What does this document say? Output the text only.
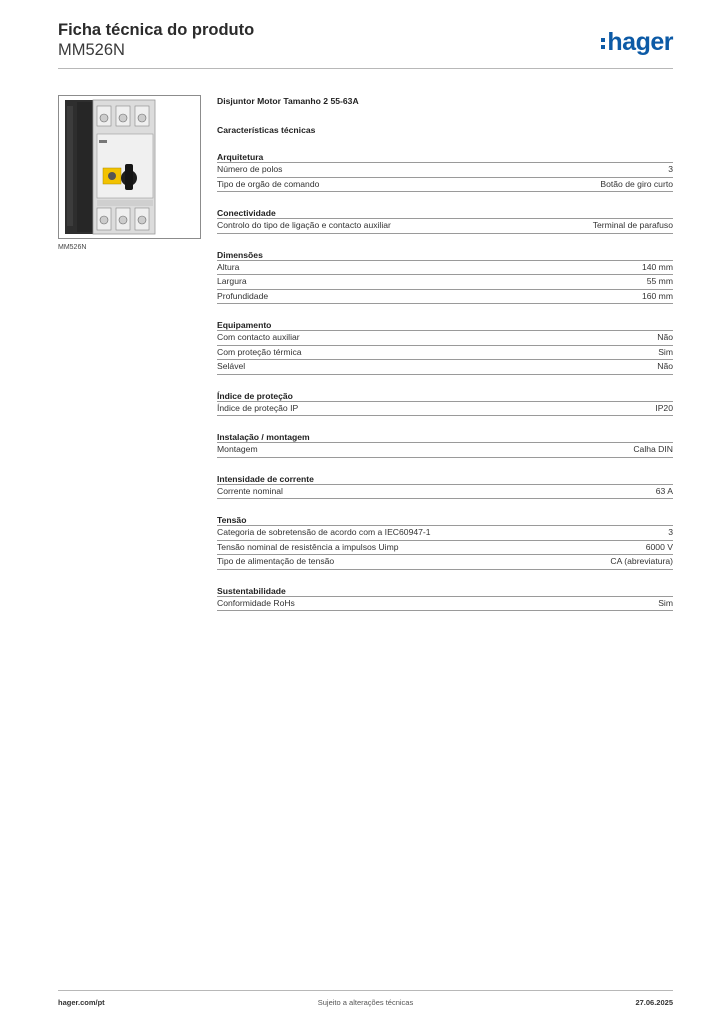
Ficha técnica do produto
MM526N	hager
MM526N
Disjuntor Motor Tamanho 2 55-63A
Características técnicas
Arquitetura
Número de polos	3
Tipo de orgão de comando	Botão de giro curto
Conectividade
Controlo do tipo de ligação e contacto auxiliar	Terminal de parafuso
Dimensões
Altura	140 mm
Largura	55 mm
Profundidade	160 mm
Equipamento
Com contacto auxiliar	Não
Com proteção térmica	Sim
Selável	Não
Índice de proteção
Índice de proteção IP	IP20
Instalação / montagem
Montagem	Calha DIN
Intensidade de corrente
Corrente nominal	63 A
Tensão
Categoria de sobretensão de acordo com a IEC60947-1	3
Tensão nominal de resistência a impulsos Uimp	6000 V
Tipo de alimentação de tensão	CA (abreviatura)
Sustentabilidade
Conformidade RoHs	Sim
hager.com/pt	Sujeito a alterações técnicas	27.06.2025
